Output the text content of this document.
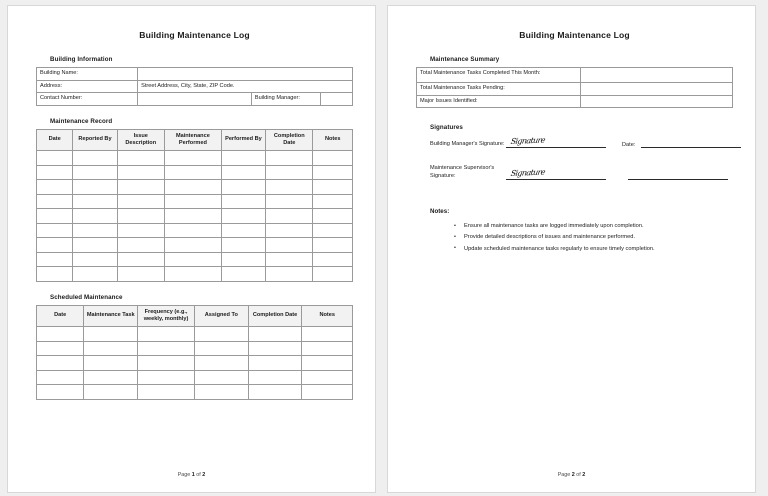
Building Maintenance Log
Building Information
Building Name:			
Address:	Street Address, City, State, ZIP Code.		
Contact Number:		Building Manager:	
Maintenance Record
Date	Reported By	Issue Description	Maintenance Performed	Performed By	Completion Date	Notes

Scheduled Maintenance
Date	Maintenance Task	Frequency (e.g., weekly, monthly)	Assigned To	Completion Date	Notes

Page 1 of 2
Building Maintenance Log
Maintenance Summary
Total Maintenance Tasks Completed This Month:	
Total Maintenance Tasks Pending:	
Major Issues Identified:	
Signatures
Building Manager's Signature: Signature	Date:
Maintenance Supervisor's Signature:	Signature
Notes:
• Ensure all maintenance tasks are logged immediately upon completion.
• Provide detailed descriptions of issues and maintenance performed.
• Update scheduled maintenance tasks regularly to ensure timely completion.
Page 2 of 2
